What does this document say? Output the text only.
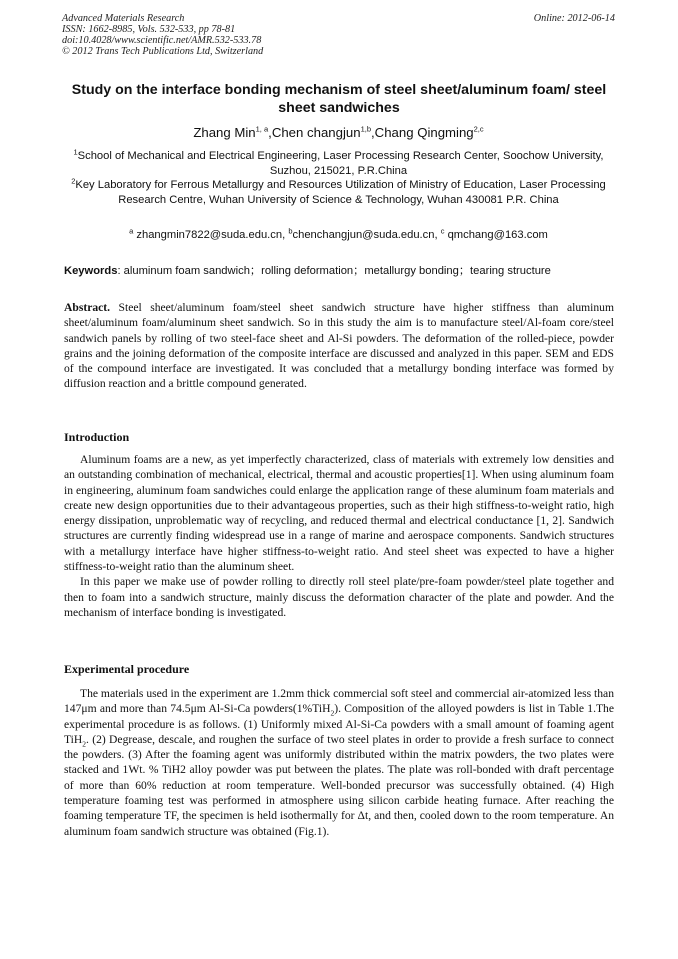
Advanced Materials Research
ISSN: 1662-8985, Vols. 532-533, pp 78-81
doi:10.4028/www.scientific.net/AMR.532-533.78
© 2012 Trans Tech Publications Ltd, Switzerland
Online: 2012-06-14
Study on the interface bonding mechanism of steel sheet/aluminum foam/ steel sheet sandwiches
Zhang Min$^{1, a}$,Chen changjun$^{1,b}$,Chang Qingming$^{2,c}$
$^1$School of Mechanical and Electrical Engineering, Laser Processing Research Center, Soochow University, Suzhou, 215021, P.R.China
$^2$Key Laboratory for Ferrous Metallurgy and Resources Utilization of Ministry of Education, Laser Processing Research Centre, Wuhan University of Science & Technology, Wuhan 430081 P.R. China
$^a$ zhangmin7822@suda.edu.cn, $^b$chenchangjun@suda.edu.cn, $^c$ qmchang@163.com
Keywords: aluminum foam sandwich；rolling deformation；metallurgy bonding；tearing structure

Abstract. Steel sheet/aluminum foam/steel sheet sandwich structure have higher stiffness than aluminum sheet/aluminum foam/aluminum sheet sandwich. So in this study the aim is to manufacture steel/Al-foam core/steel sandwich panels by rolling of two steel-face sheet and Al-Si powders. The deformation of the rolled-piece, powder grains and the joining deformation of the composite interface are discussed and analyzed in this paper. SEM and EDS of the compound interface are investigated. It was concluded that a metallurgy bonding interface was formed by diffusion reaction and a brittle compound generated.

Introduction

Aluminum foams are a new, as yet imperfectly characterized, class of materials with extremely low densities and an outstanding combination of mechanical, electrical, thermal and acoustic properties[1]. When using aluminum foam in engineering, aluminum foam sandwiches could enlarge the application range of these aluminum foam materials and create new design opportunities due to their advantageous properties, such as their high stiffness-to-weight ratio, high energy dissipation, unproblematic way of recycling, and reduced thermal and electrical conductance [1, 2]. Sandwich structures are currently finding widespread use in a range of marine and aerospace components. Sandwich structures with a metallurgy interface have higher stiffness-to-weight ratio. And steel sheet was expected to have a higher stiffness-to-weight ratio than the aluminum sheet.

In this paper we make use of powder rolling to directly roll steel plate/pre-foam powder/steel plate together and then to foam into a sandwich structure, mainly discuss the deformation character of the plate and powder. And the mechanism of interface bonding is investigated.

Experimental procedure

The materials used in the experiment are 1.2mm thick commercial soft steel and commercial air-atomized less than 147μm and more than 74.5μm Al-Si-Ca powders(1%TiH$_2$). Composition of the alloyed powders is list in Table 1.The experimental procedure is as follows. (1) Uniformly mixed Al-Si-Ca powders with a small amount of foaming agent TiH$_2$. (2) Degrease, descale, and roughen the surface of two steel plates in order to provide a fresh surface to connect the powders. (3) After the foaming agent was uniformly distributed within the matrix powders, the two plates were stacked and 1Wt. % TiH2 alloy powder was put between the plates. The plate was roll-bonded with draft percentage of more than 60% reduction at room temperature. Well-bonded precursor was successfully obtained. (4) High temperature foaming test was performed in atmosphere using silicon carbide heating furnace. After reaching the foaming temperature TF, the specimen is held isothermally for Δt, and then, cooled down to the room temperature. An aluminum foam sandwich structure was obtained (Fig.1).
